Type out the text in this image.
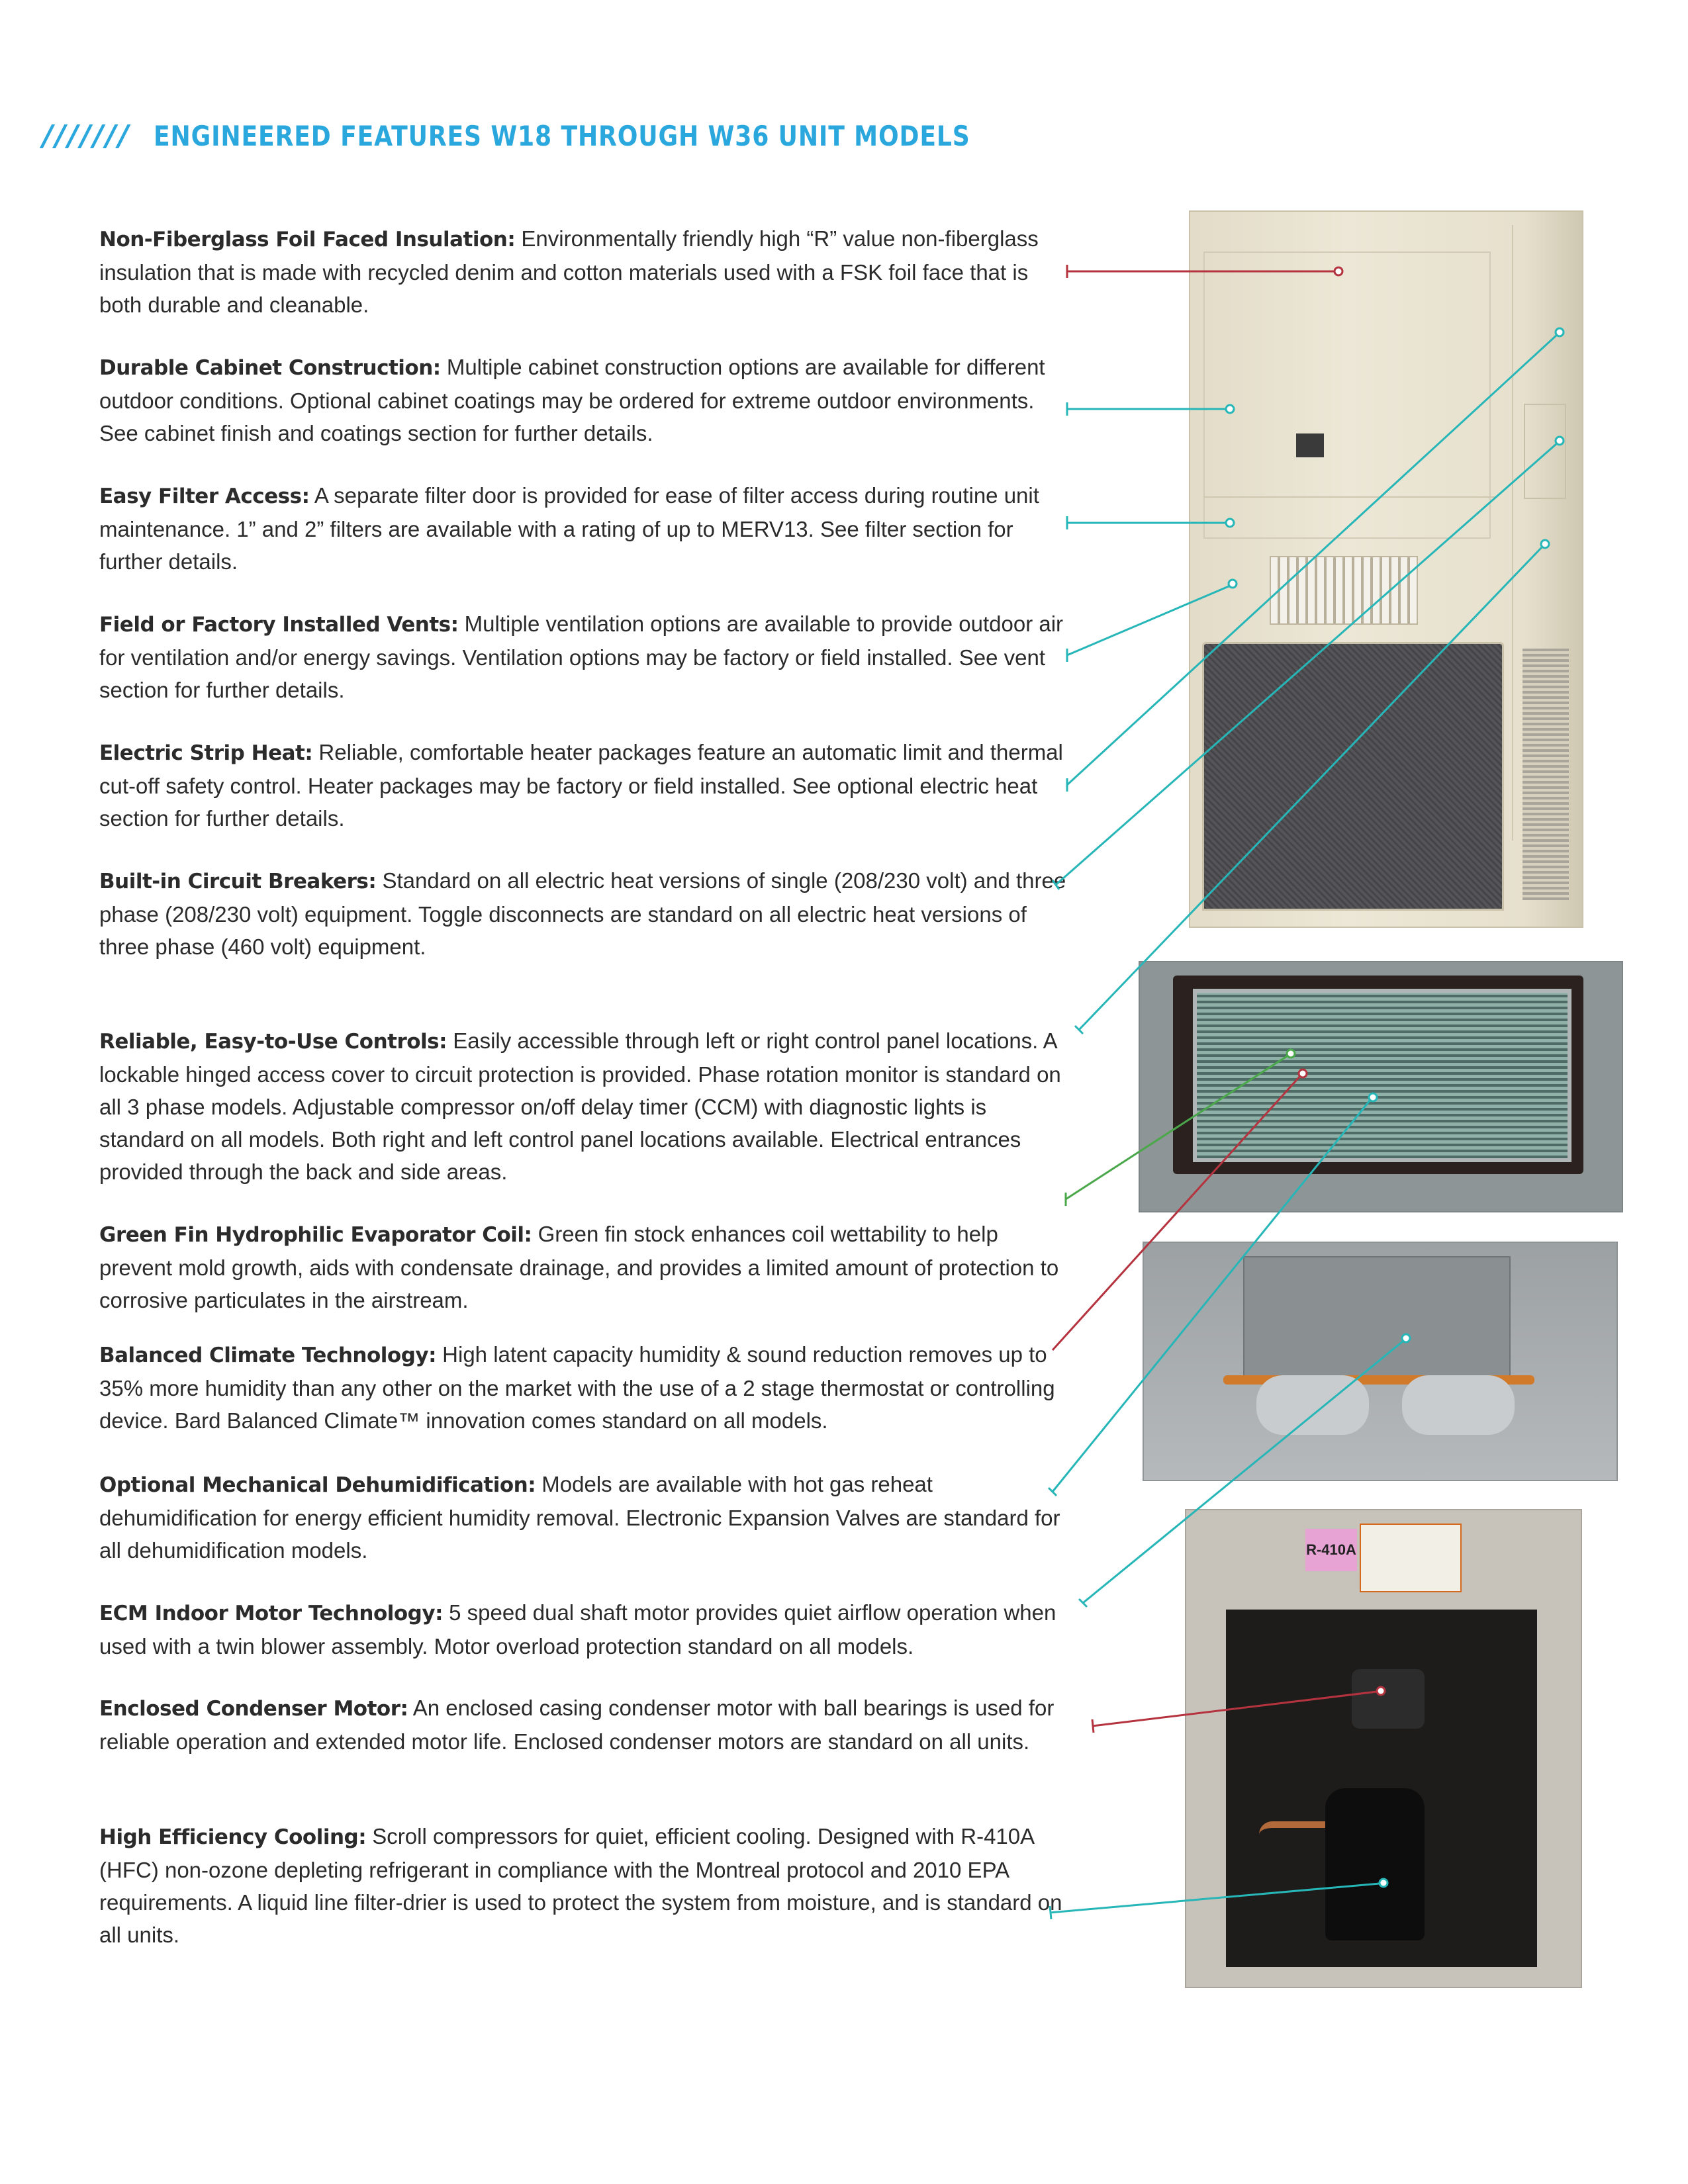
/////// ENGINEERED FEATURES W18 THROUGH W36 UNIT MODELS
Non-Fiberglass Foil Faced Insulation: Environmentally friendly high “R” value non-fiberglass insulation that is made with recycled denim and cotton materials used with a FSK foil face that is both durable and cleanable.
Durable Cabinet Construction: Multiple cabinet construction options are available for different outdoor conditions. Optional cabinet coatings may be ordered for extreme outdoor environments. See cabinet finish and coatings section for further details.
Easy Filter Access: A separate filter door is provided for ease of filter access during routine unit maintenance. 1” and 2” filters are available with a rating of up to MERV13. See filter section for further details.
Field or Factory Installed Vents: Multiple ventilation options are available to provide outdoor air for ventilation and/or energy savings. Ventilation options may be factory or field installed. See vent section for further details.
Electric Strip Heat: Reliable, comfortable heater packages feature an automatic limit and thermal cut-off safety control. Heater packages may be factory or field installed. See optional electric heat section for further details.
Built-in Circuit Breakers: Standard on all electric heat versions of single (208/230 volt) and three phase (208/230 volt) equipment. Toggle disconnects are standard on all electric heat versions of three phase (460 volt) equipment.
Reliable, Easy-to-Use Controls: Easily accessible through left or right control panel locations. A lockable hinged access cover to circuit protection is provided. Phase rotation monitor is standard on all 3 phase models. Adjustable compressor on/off delay timer (CCM) with diagnostic lights is standard on all models. Both right and left control panel locations available. Electrical entrances provided through the back and side areas.
Green Fin Hydrophilic Evaporator Coil: Green fin stock enhances coil wettability to help prevent mold growth, aids with condensate drainage, and provides a limited amount of protection to corrosive particulates in the airstream.
Balanced Climate Technology: High latent capacity humidity & sound reduction removes up to 35% more humidity than any other on the market with the use of a 2 stage thermostat or controlling device. Bard Balanced Climate™ innovation comes standard on all models.
Optional Mechanical Dehumidification: Models are available with hot gas reheat dehumidification for energy efficient humidity removal. Electronic Expansion Valves are standard for all dehumidification models.
ECM Indoor Motor Technology: 5 speed dual shaft motor provides quiet airflow operation when used with a twin blower assembly. Motor overload protection standard on all models.
Enclosed Condenser Motor: An enclosed casing condenser motor with ball bearings is used for reliable operation and extended motor life. Enclosed condenser motors are standard on all units.
High Efficiency Cooling: Scroll compressors for quiet, efficient cooling. Designed with R-410A (HFC) non-ozone depleting refrigerant in compliance with the Montreal protocol and 2010 EPA requirements. A liquid line filter-drier is used to protect the system from moisture, and is standard on all units.
R-410A
